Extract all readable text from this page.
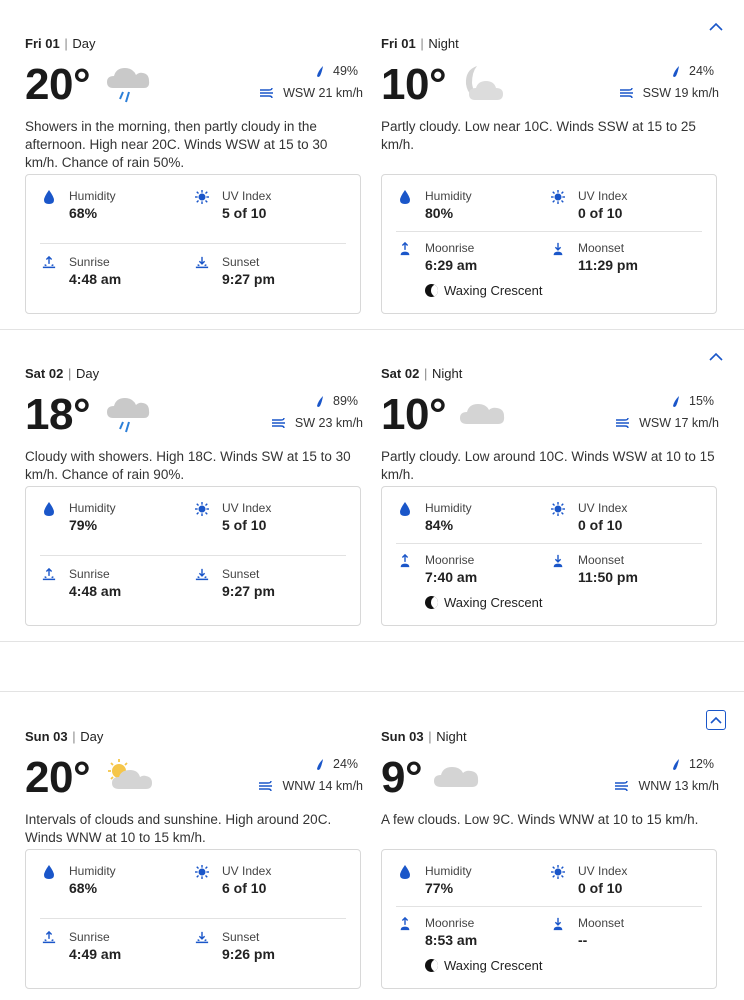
Fri 01 | Day
20°	49%
WSW 21 km/h
Showers in the morning, then partly cloudy in the afternoon. High near 20C. Winds WSW at 15 to 30 km/h. Chance of rain 50%.
Humidity
68%
UV Index
5 of 10
Sunrise
4:48 am
Sunset
9:27 pm
Fri 01 | Night
10°	24%
SSW 19 km/h
Partly cloudy. Low near 10C. Winds SSW at 15 to 25 km/h.
Humidity
80%
UV Index
0 of 10
Moonrise
6:29 am
Moonset
11:29 pm
Waxing Crescent
Sat 02 | Day
18°	89%
SW 23 km/h
Cloudy with showers. High 18C. Winds SW at 15 to 30 km/h. Chance of rain 90%.
Humidity
79%
UV Index
5 of 10
Sunrise
4:48 am
Sunset
9:27 pm
Sat 02 | Night
10°	15%
WSW 17 km/h
Partly cloudy. Low around 10C. Winds WSW at 10 to 15 km/h.
Humidity
84%
UV Index
0 of 10
Moonrise
7:40 am
Moonset
11:50 pm
Waxing Crescent
Sun 03 | Day
20°	24%
WNW 14 km/h
Intervals of clouds and sunshine. High around 20C. Winds WNW at 10 to 15 km/h.
Humidity
68%
UV Index
6 of 10
Sunrise
4:49 am
Sunset
9:26 pm
Sun 03 | Night
9°	12%
WNW 13 km/h
A few clouds. Low 9C. Winds WNW at 10 to 15 km/h.
Humidity
77%
UV Index
0 of 10
Moonrise
8:53 am
Moonset
--
Waxing Crescent
